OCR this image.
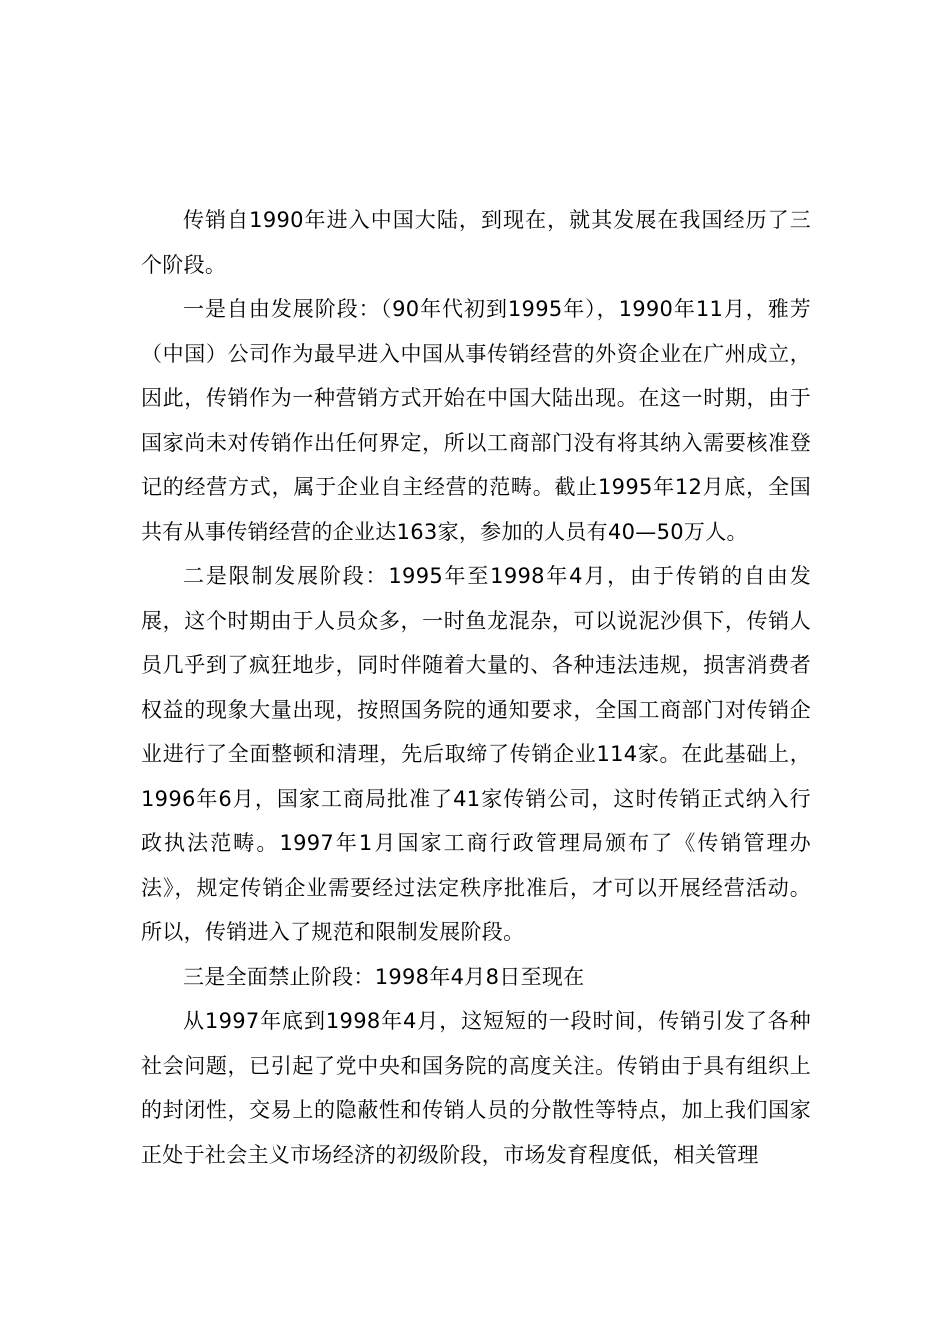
传销自1990年进入中国大陆，到现在，就其发展在我国经历了三个阶段。

一是自由发展阶段：（90年代初到1995年），1990年11月，雅芳（中国）公司作为最早进入中国从事传销经营的外资企业在广州成立，因此，传销作为一种营销方式开始在中国大陆出现。在这一时期，由于国家尚未对传销作出任何界定，所以工商部门没有将其纳入需要核准登记的经营方式，属于企业自主经营的范畴。截止1995年12月底，全国共有从事传销经营的企业达163家，参加的人员有40—50万人。

二是限制发展阶段：1995年至1998年4月，由于传销的自由发展，这个时期由于人员众多，一时鱼龙混杂，可以说泥沙俱下，传销人员几乎到了疯狂地步，同时伴随着大量的、各种违法违规，损害消费者权益的现象大量出现，按照国务院的通知要求，全国工商部门对传销企业进行了全面整顿和清理，先后取缔了传销企业114家。在此基础上，1996年6月，国家工商局批准了41家传销公司，这时传销正式纳入行政执法范畴。1997年1月国家工商行政管理局颁布了《传销管理办法》，规定传销企业需要经过法定秩序批准后，才可以开展经营活动。所以，传销进入了规范和限制发展阶段。

三是全面禁止阶段：1998年4月8日至现在

从1997年底到1998年4月，这短短的一段时间，传销引发了各种社会问题，已引起了党中央和国务院的高度关注。传销由于具有组织上的封闭性，交易上的隐蔽性和传销人员的分散性等特点，加上我们国家正处于社会主义市场经济的初级阶段，市场发育程度低，相关管理
